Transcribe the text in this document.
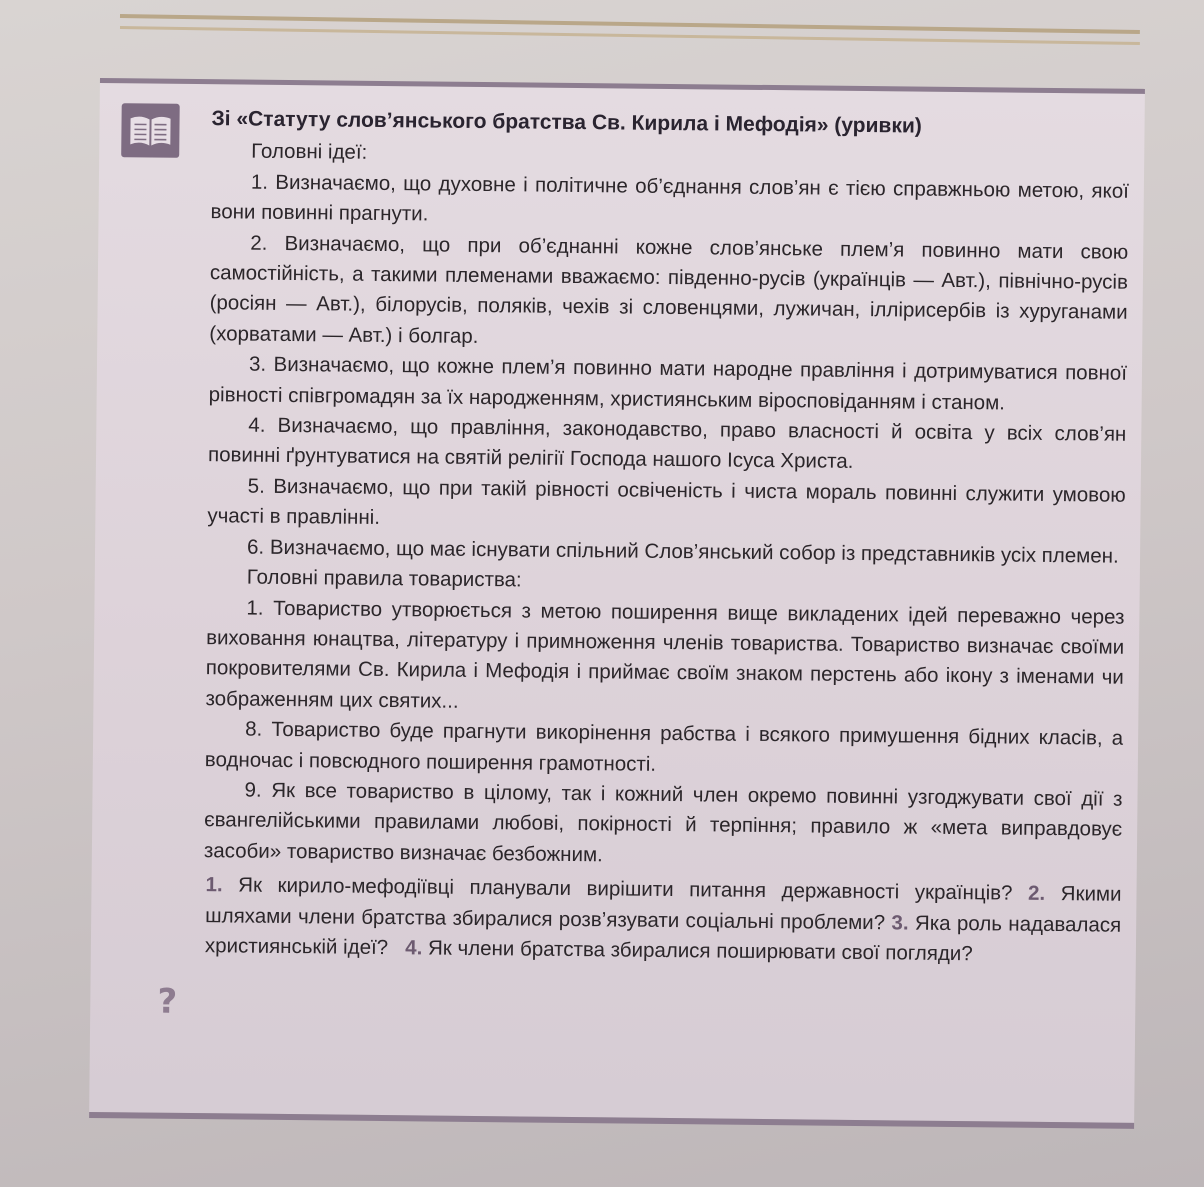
?
Зі «Статуту слов’янського братства Св. Кирила і Мефодія» (уривки)
Головні ідеї:

1. Визначаємо, що духовне і політичне об’єднання слов’ян є тією справжньою метою, якої вони повинні прагнути.

2. Визначаємо, що при об’єднанні кожне слов’янське плем’я повинно мати свою самостійність, а такими племенами вважаємо: південно-русів (українців — Авт.), північно-русів (росіян — Авт.), білорусів, поляків, чехів зі словенцями, лужичан, іллірисербів із хуруганами (хорватами — Авт.) і болгар.

3. Визначаємо, що кожне плем’я повинно мати народне правління і дотримуватися повної рівності співгромадян за їх народженням, християнським віросповіданням і станом.

4. Визначаємо, що правління, законодавство, право власності й освіта у всіх слов’ян повинні ґрунтуватися на святій релігії Господа нашого Ісуса Христа.

5. Визначаємо, що при такій рівності освіченість і чиста мораль повинні служити умовою участі в правлінні.

6. Визначаємо, що має існувати спільний Слов’янський собор із представників усіх племен.

Головні правила товариства:

1. Товариство утворюється з метою поширення вище викладених ідей переважно через виховання юнацтва, літературу і примноження членів товариства. Товариство визначає своїми покровителями Св. Кирила і Мефодія і приймає своїм знаком перстень або ікону з іменами чи зображенням цих святих...

8. Товариство буде прагнути викорінення рабства і всякого примушення бідних класів, а водночас і повсюдного поширення грамотності.

9. Як все товариство в цілому, так і кожний член окремо повинні узгоджувати свої дії з євангелійськими правилами любові, покірності й терпіння; правило ж «мета виправдовує засоби» товариство визначає безбожним.

1. Як кирило-мефодіївці планували вирішити питання державності українців? 2. Якими шляхами члени братства збиралися розв’язувати соціальні проблеми? 3. Яка роль надавалася християнській ідеї? 4. Як члени братства збиралися поширювати свої погляди?
